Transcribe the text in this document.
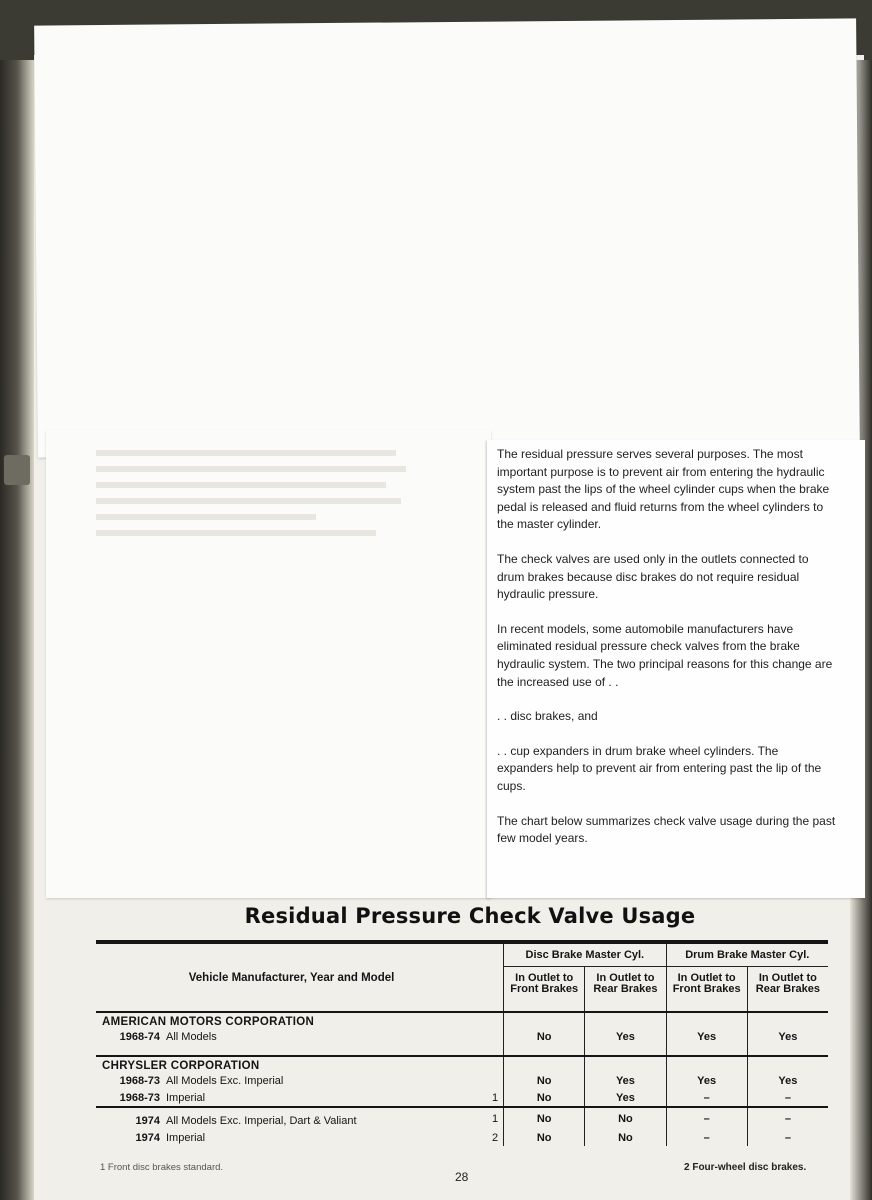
The residual pressure serves several purposes. The most important purpose is to prevent air from entering the hydraulic system past the lips of the wheel cylinder cups when the brake pedal is released and fluid returns from the wheel cylinders to the master cylinder.

The check valves are used only in the outlets connected to drum brakes because disc brakes do not require residual hydraulic pressure.

In recent models, some automobile manufacturers have eliminated residual pressure check valves from the brake hydraulic system. The two principal reasons for this change are the increased use of . .

. . disc brakes, and

. . cup expanders in drum brake wheel cylinders. The expanders help to prevent air from entering past the lip of the cups.

The chart below summarizes check valve usage during the past few model years.

Residual Pressure Check Valve Usage
Vehicle Manufacturer, Year and Model		Disc Brake Master Cyl.		Drum Brake Master Cyl.	
		In Outlet to Front Brakes	In Outlet to Rear Brakes	In Outlet to Front Brakes	In Outlet to Rear Brakes
AMERICAN MOTORS CORPORATION					
1968-74 All Models		No	Yes	Yes	Yes

CHRYSLER CORPORATION					
1968-73 All Models Exc. Imperial		No	Yes	Yes	Yes
1968-73 Imperial	1	No	Yes	–	–
1974 All Models Exc. Imperial, Dart & Valiant	1	No	No	–	–
1974 Imperial	2	No	No	–	–
1 Front disc brakes standard.
28
2 Four-wheel disc brakes.
